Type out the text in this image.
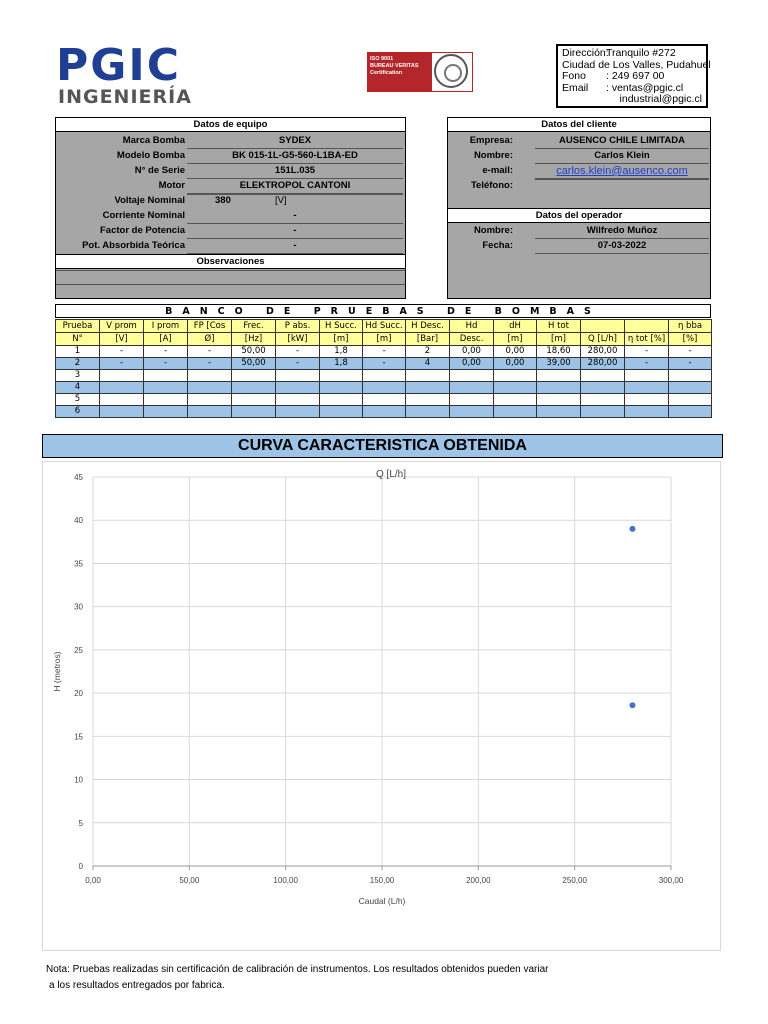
PGIC
INGENIERÍA
ISO 9001
BUREAU VERITAS
Certification
Dirección:
Tranquilo #272
Ciudad de Los Valles, Pudahuel
Fono	: 249 697 00
Email	: ventas@pgic.cl
industrial@pgic.cl
Datos de equipo
Marca Bomba	SYDEX
Modelo Bomba	BK 015-1L-G5-560-L1BA-ED
N° de Serie	151L.035
Motor	ELEKTROPOL CANTONI
Voltaje Nominal	380	[V]
Corriente Nominal	-
Factor de Potencia	-
Pot. Absorbida Teórica	-
Observaciones
Datos del cliente
Empresa:	AUSENCO CHILE LIMITADA
Nombre:	Carlos Klein
e-mail:	carlos.klein@ausenco.com
Teléfono:
Datos del operador
Nombre:	Wilfredo Muñoz
Fecha:	07-03-2022
BANCO DE PRUEBAS DE BOMBAS
Prueba	V prom	I prom	FP [Cos	Frec.	P abs.	H Succ.	Hd Succ.	H Desc.	Hd	dH	H tot			η bba
N°	[V]	[A]	Ø]	[Hz]	[kW]	[m]	[m]	[Bar]	Desc.	[m]	[m]	Q [L/h]	η tot [%]	[%]
1	-	-	-	50,00	-	1,8	-	2	0,00	0,00	18,60	280,00	-	-
2	-	-	-	50,00	-	1,8	-	4	0,00	0,00	39,00	280,00	-	-
3														
4														
5														
6														
CURVA CARACTERISTICA OBTENIDA
0
5
10
15
20
25
30
35
40
45
0,00	50,00	100,00	150,00	200,00	250,00	300,00
Caudal (L/h)
H (metros)
Q [L/h]
Nota: Pruebas realizadas sin certificación de calibración de instrumentos. Los resultados obtenidos pueden variar
a los resultados entregados por fabrica.
